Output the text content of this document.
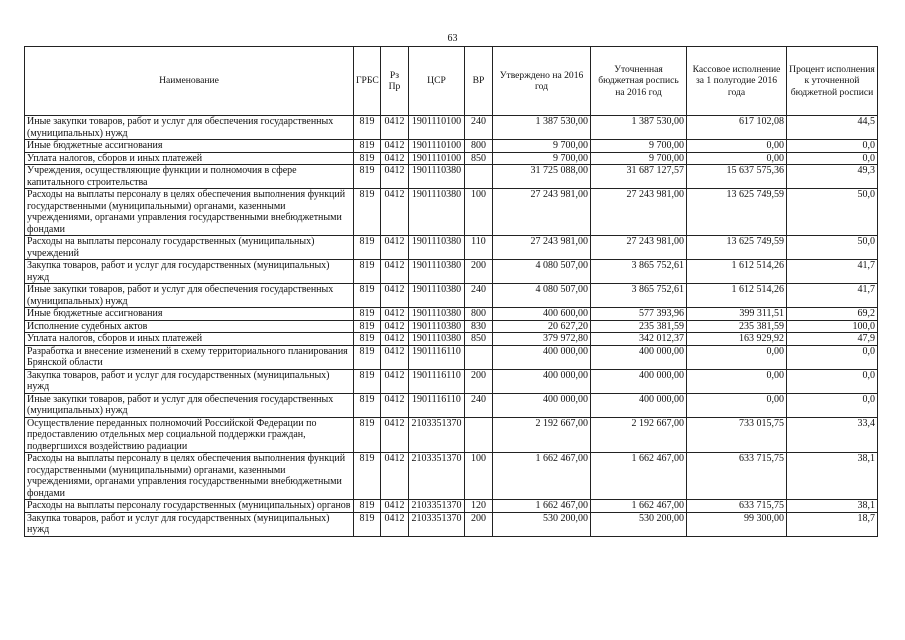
63
Наименование	ГРБС	Рз Пр	ЦСР	ВР	Утверждено на 2016 год	Уточненная бюджетная роспись на 2016 год	Кассовое исполнение за 1 полугодие 2016 года	Процент исполнения к уточненной бюджетной росписи
Иные закупки товаров, работ и услуг для обеспечения государственных (муниципальных) нужд	819	0412	1901110100	240	1 387 530,00	1 387 530,00	617 102,08	44,5
Иные бюджетные ассигнования	819	0412	1901110100	800	9 700,00	9 700,00	0,00	0,0
Уплата налогов, сборов и иных платежей	819	0412	1901110100	850	9 700,00	9 700,00	0,00	0,0
Учреждения, осуществляющие функции и полномочия в сфере капитального строительства	819	0412	1901110380		31 725 088,00	31 687 127,57	15 637 575,36	49,3
Расходы на выплаты персоналу в целях обеспечения выполнения функций государственными (муниципальными) органами, казенными учреждениями, органами управления государственными внебюджетными фондами	819	0412	1901110380	100	27 243 981,00	27 243 981,00	13 625 749,59	50,0
Расходы на выплаты персоналу государственных (муниципальных) учреждений	819	0412	1901110380	110	27 243 981,00	27 243 981,00	13 625 749,59	50,0
Закупка товаров, работ и услуг для государственных (муниципальных) нужд	819	0412	1901110380	200	4 080 507,00	3 865 752,61	1 612 514,26	41,7
Иные закупки товаров, работ и услуг для обеспечения государственных (муниципальных) нужд	819	0412	1901110380	240	4 080 507,00	3 865 752,61	1 612 514,26	41,7
Иные бюджетные ассигнования	819	0412	1901110380	800	400 600,00	577 393,96	399 311,51	69,2
Исполнение судебных актов	819	0412	1901110380	830	20 627,20	235 381,59	235 381,59	100,0
Уплата налогов, сборов и иных платежей	819	0412	1901110380	850	379 972,80	342 012,37	163 929,92	47,9
Разработка и внесение изменений в схему территориального планирования Брянской области	819	0412	1901116110		400 000,00	400 000,00	0,00	0,0
Закупка товаров, работ и услуг для государственных (муниципальных) нужд	819	0412	1901116110	200	400 000,00	400 000,00	0,00	0,0
Иные закупки товаров, работ и услуг для обеспечения государственных (муниципальных) нужд	819	0412	1901116110	240	400 000,00	400 000,00	0,00	0,0
Осуществление переданных полномочий Российской Федерации по предоставлению отдельных мер социальной поддержки граждан, подвергшихся воздействию радиации	819	0412	2103351370		2 192 667,00	2 192 667,00	733 015,75	33,4
Расходы на выплаты персоналу в целях обеспечения выполнения функций государственными (муниципальными) органами, казенными учреждениями, органами управления государственными внебюджетными фондами	819	0412	2103351370	100	1 662 467,00	1 662 467,00	633 715,75	38,1
Расходы на выплаты персоналу государственных (муниципальных) органов	819	0412	2103351370	120	1 662 467,00	1 662 467,00	633 715,75	38,1
Закупка товаров, работ и услуг для государственных (муниципальных) нужд	819	0412	2103351370	200	530 200,00	530 200,00	99 300,00	18,7
